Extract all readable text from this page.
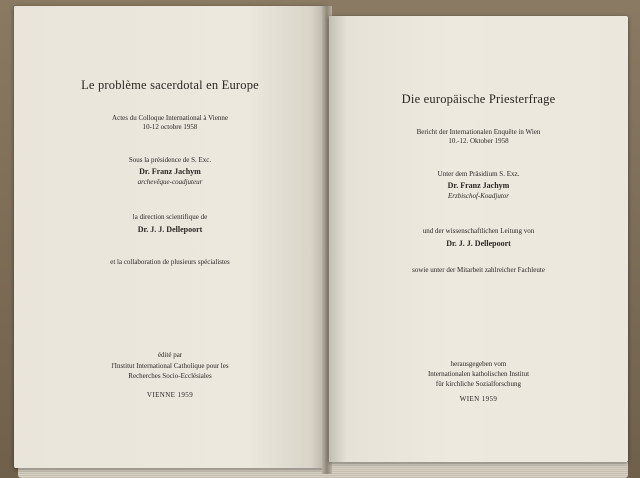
Le problème sacerdotal en Europe
Actes du Colloque International à Vienne
10-12 octobre 1958
Sous la présidence de S. Exc.
Dr. Franz Jachym
archevêque-coadjuteur
la direction scientifique de
Dr. J. J. Dellepoort
et la collaboration de plusieurs spécialistes
édité par
l'Institut International Catholique pour les
Recherches Socio-Ecclésiales
VIENNE 1959
Die europäische Priesterfrage
Bericht der Internationalen Enquête in Wien
10.-12. Oktober 1958
Unter dem Präsidium S. Exz.
Dr. Franz Jachym
Erzbischof-Koadjutor
und der wissenschaftlichen Leitung von
Dr. J. J. Dellepoort
sowie unter der Mitarbeit zahlreicher Fachleute
herausgegeben vom
Internationalen katholischen Institut
für kirchliche Sozialforschung
WIEN 1959
